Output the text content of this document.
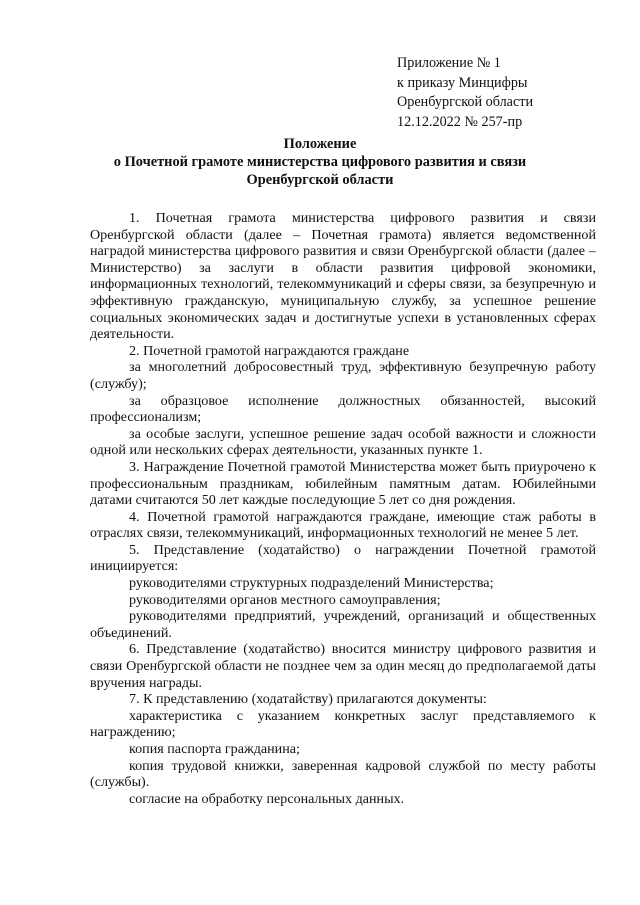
Приложение № 1
к приказу Минцифры
Оренбургской области
12.12.2022 № 257-пр
Положение
о Почетной грамоте министерства цифрового развития и связи
Оренбургской области

1. Почетная грамота министерства цифрового развития и связи Оренбургской области (далее – Почетная грамота) является ведомственной наградой министерства цифрового развития и связи Оренбургской области (далее – Министерство) за заслуги в области развития цифровой экономики, информационных технологий, телекоммуникаций и сферы связи, за безупречную и эффективную гражданскую, муниципальную службу, за успешное решение социальных экономических задач и достигнутые успехи в установленных сферах деятельности.

2. Почетной грамотой награждаются граждане

за многолетний добросовестный труд, эффективную безупречную работу (службу);

за образцовое исполнение должностных обязанностей, высокий профессионализм;

за особые заслуги, успешное решение задач особой важности и сложности одной или нескольких сферах деятельности, указанных пункте 1.

3. Награждение Почетной грамотой Министерства может быть приурочено к профессиональным праздникам, юбилейным памятным датам. Юбилейными датами считаются 50 лет каждые последующие 5 лет со дня рождения.

4. Почетной грамотой награждаются граждане, имеющие стаж работы в отраслях связи, телекоммуникаций, информационных технологий не менее 5 лет.

5. Представление (ходатайство) о награждении Почетной грамотой инициируется:

руководителями структурных подразделений Министерства;

руководителями органов местного самоуправления;

руководителями предприятий, учреждений, организаций и общественных объединений.

6. Представление (ходатайство) вносится министру цифрового развития и связи Оренбургской области не позднее чем за один месяц до предполагаемой даты вручения награды.

7. К представлению (ходатайству) прилагаются документы:

характеристика с указанием конкретных заслуг представляемого к награждению;

копия паспорта гражданина;

копия трудовой книжки, заверенная кадровой службой по месту работы (службы).

согласие на обработку персональных данных.
